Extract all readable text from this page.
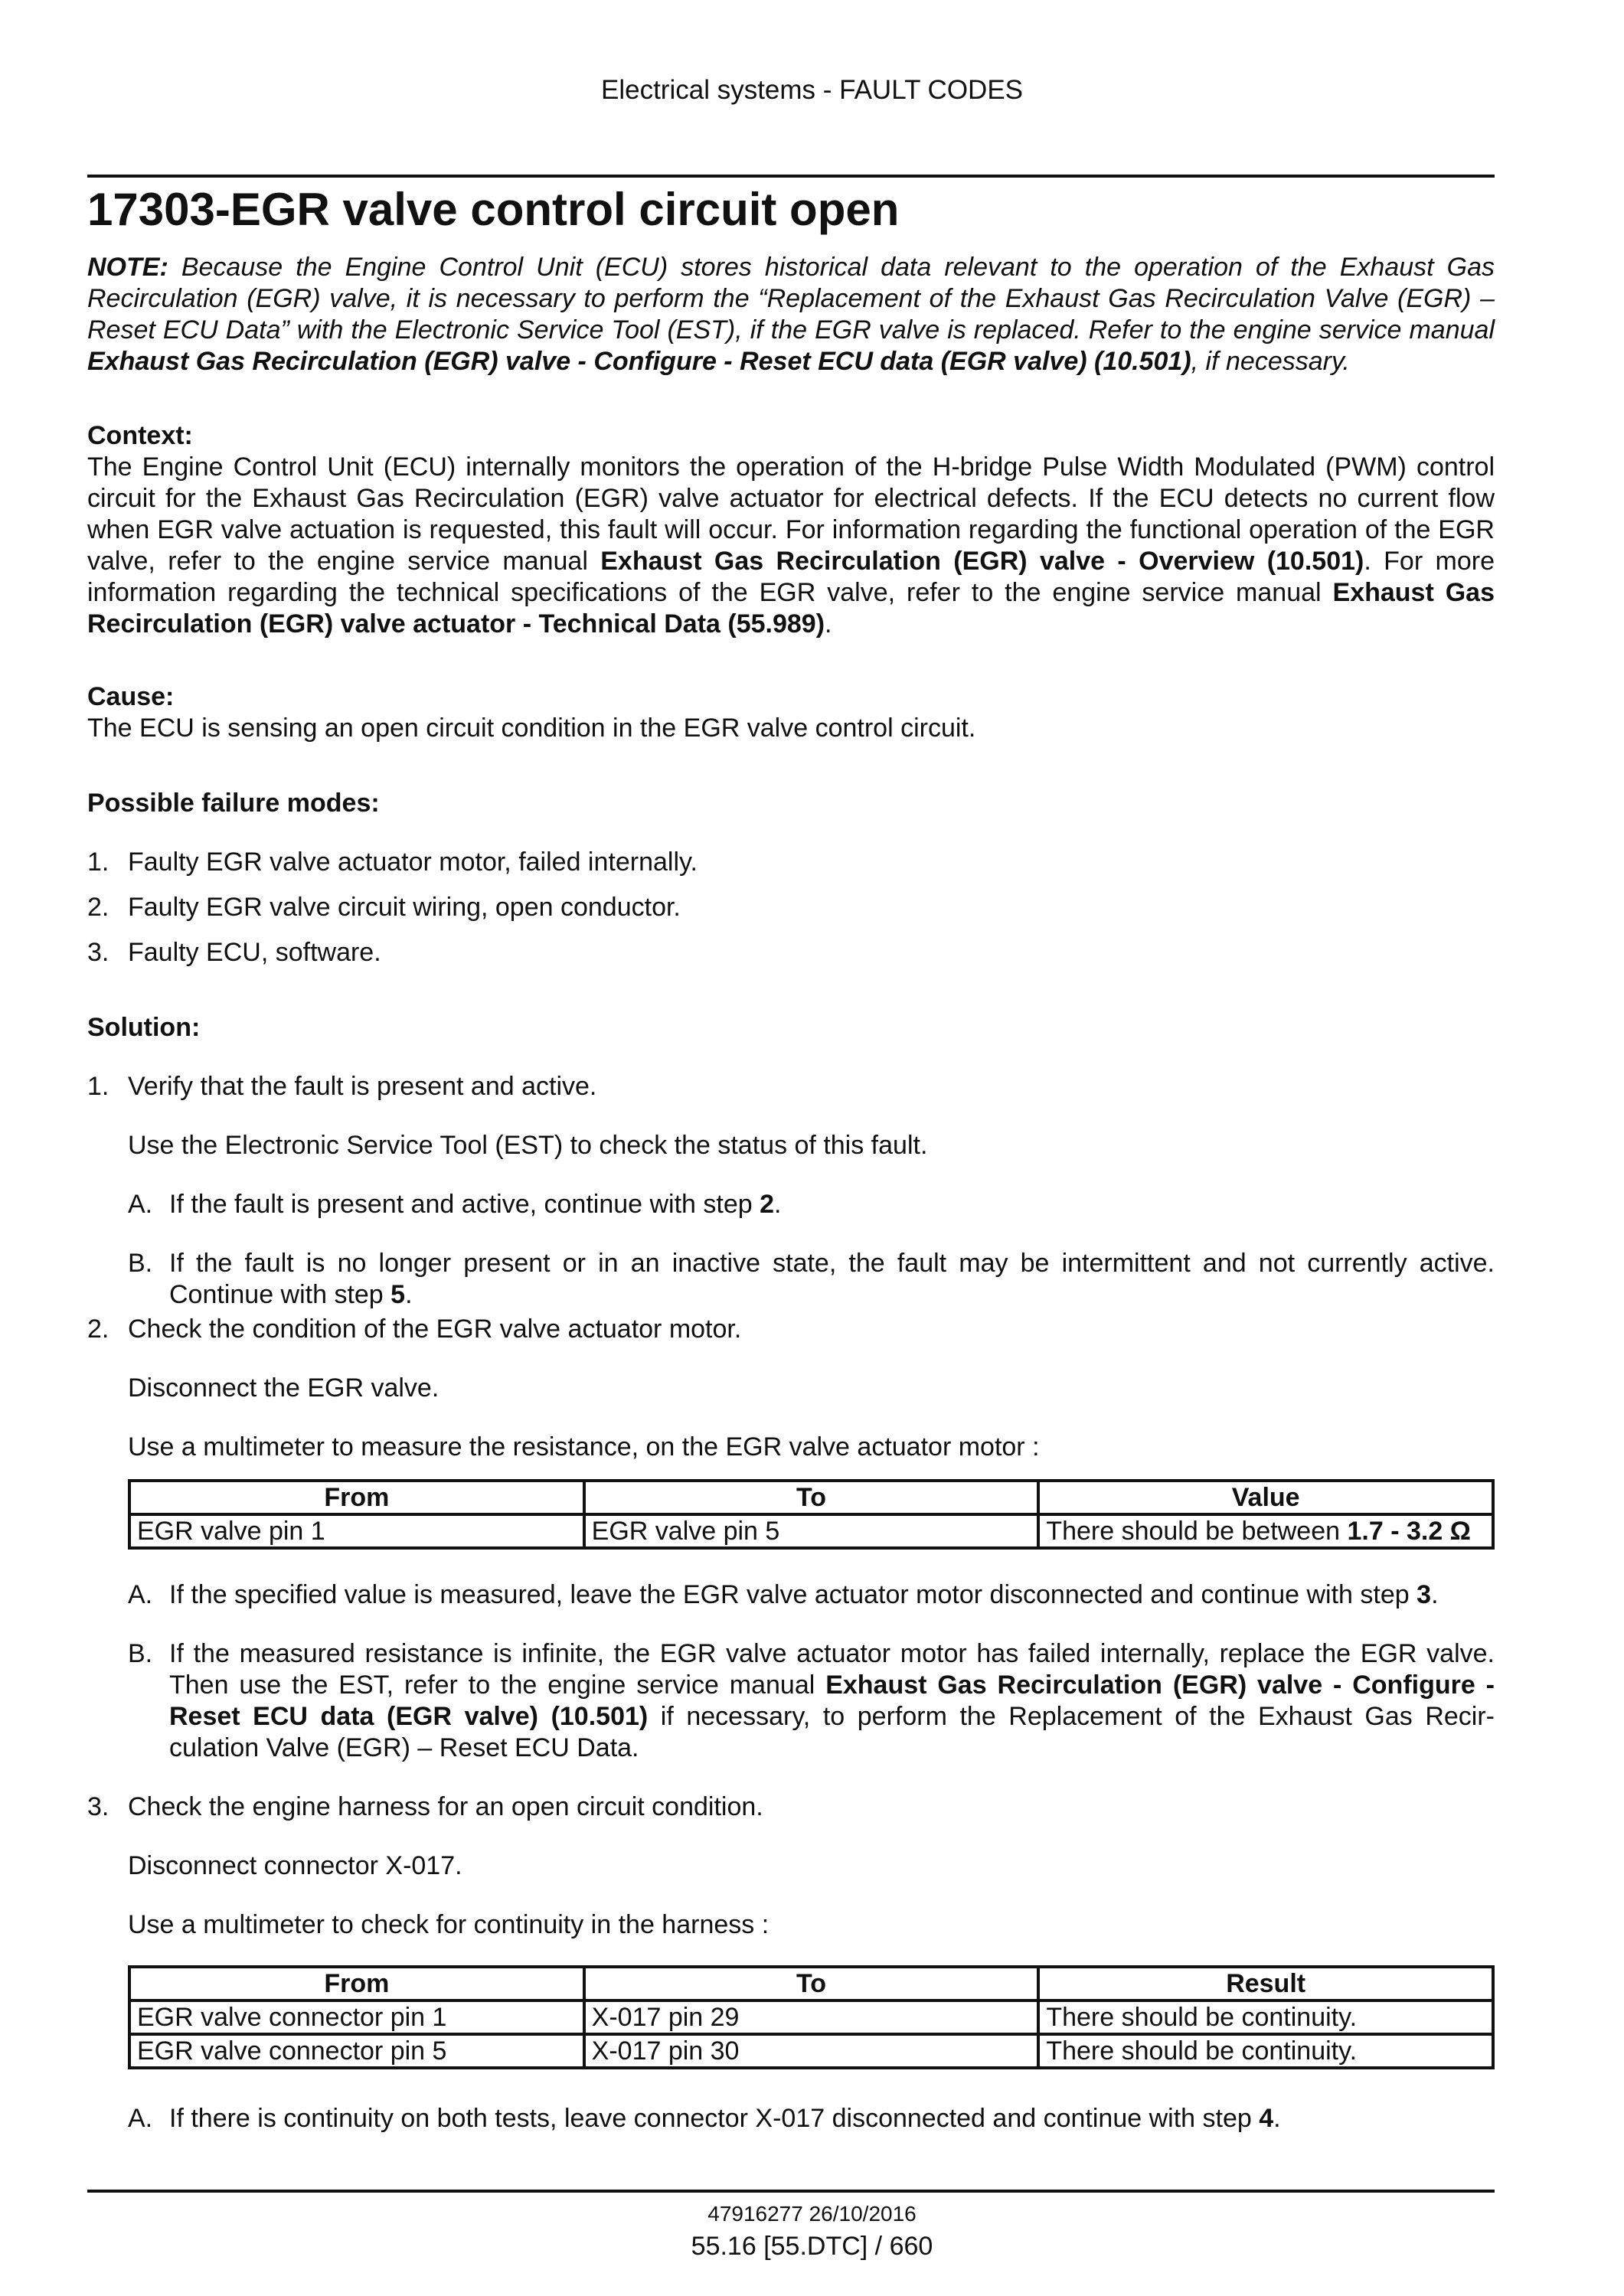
Electrical systems - FAULT CODES
17303-EGR valve control circuit open
NOTE: Because the Engine Control Unit (ECU) stores historical data relevant to the operation of the Exhaust Gas Recirculation (EGR) valve, it is necessary to perform the “Replacement of the Exhaust Gas Recirculation Valve (EGR) – Reset ECU Data” with the Electronic Service Tool (EST), if the EGR valve is replaced. Refer to the engine service manual Exhaust Gas Recirculation (EGR) valve - Configure - Reset ECU data (EGR valve) (10.501), if necessary.
Context:
The Engine Control Unit (ECU) internally monitors the operation of the H-bridge Pulse Width Modulated (PWM) control circuit for the Exhaust Gas Recirculation (EGR) valve actuator for electrical defects. If the ECU detects no current flow when EGR valve actuation is requested, this fault will occur. For information regarding the functional operation of the EGR valve, refer to the engine service manual Exhaust Gas Recirculation (EGR) valve - Overview (10.501). For more information regarding the technical specifications of the EGR valve, refer to the engine service manual Exhaust Gas Recirculation (EGR) valve actuator - Technical Data (55.989).
Cause:
The ECU is sensing an open circuit condition in the EGR valve control circuit.
Possible failure modes:
1. Faulty EGR valve actuator motor, failed internally.
2. Faulty EGR valve circuit wiring, open conductor.
3. Faulty ECU, software.
Solution:
1. Verify that the fault is present and active.
Use the Electronic Service Tool (EST) to check the status of this fault.
A. If the fault is present and active, continue with step 2.
B. If the fault is no longer present or in an inactive state, the fault may be intermittent and not currently active. Continue with step 5.
2. Check the condition of the EGR valve actuator motor.
Disconnect the EGR valve.
Use a multimeter to measure the resistance, on the EGR valve actuator motor :
From	To	Value
EGR valve pin 1	EGR valve pin 5	There should be between 1.7 - 3.2 Ω
A. If the specified value is measured, leave the EGR valve actuator motor disconnected and continue with step 3.
B. If the measured resistance is infinite, the EGR valve actuator motor has failed internally, replace the EGR valve. Then use the EST, refer to the engine service manual Exhaust Gas Recirculation (EGR) valve - Configure - Reset ECU data (EGR valve) (10.501) if necessary, to perform the Replacement of the Exhaust Gas Recir-culation Valve (EGR) – Reset ECU Data.
3. Check the engine harness for an open circuit condition.
Disconnect connector X-017.
Use a multimeter to check for continuity in the harness :
From	To	Result
EGR valve connector pin 1	X-017 pin 29	There should be continuity.
EGR valve connector pin 5	X-017 pin 30	There should be continuity.
A. If there is continuity on both tests, leave connector X-017 disconnected and continue with step 4.
47916277 26/10/2016
55.16 [55.DTC] / 660
